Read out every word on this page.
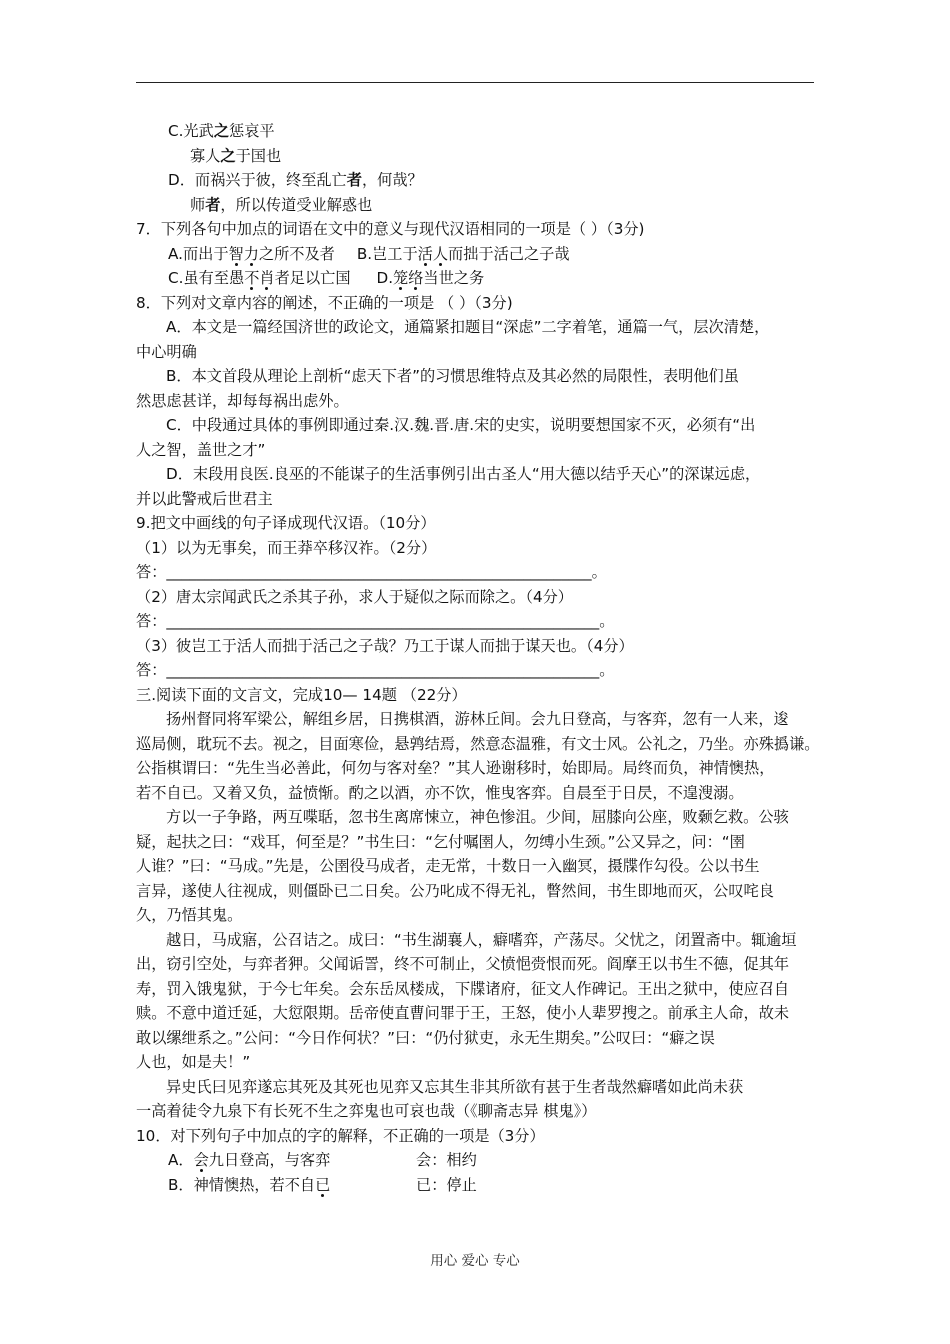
C.光武之惩哀平
寡人之于国也
D．而祸兴于彼，终至乱亡者，何哉？
师者，所以传道受业解惑也
7．下列各句中加点的词语在文中的意义与现代汉语相同的一项是（ ）（3分)
A.而出于智力之所不及者 B.岂工于活人而拙于活己之子哉
C.虽有至愚不肖者足以亡国 D.笼络当世之务
8．下列对文章内容的阐述，不正确的一项是 （ ）（3分)
A．本文是一篇经国济世的政论文，通篇紧扣题目“深虑”二字着笔，通篇一气，层次清楚，
中心明确
B．本文首段从理论上剖析“虑天下者”的习惯思维特点及其必然的局限性，表明他们虽
然思虑甚详，却每每祸出虑外。
C．中段通过具体的事例即通过秦.汉.魏.晋.唐.宋的史实，说明要想国家不灭，必须有“出
人之智，盖世之才”
D．末段用良医.良巫的不能谋子的生活事例引出古圣人“用大德以结乎天心”的深谋远虑，
并以此警戒后世君主
9.把文中画线的句子译成现代汉语。（10分）
（1）以为无事矣，而王莽卒移汉祚。（2分）
答：________________________________________________________。
（2）唐太宗闻武氏之杀其子孙，求人于疑似之际而除之。（4分）
答：_________________________________________________________。
（3）彼岂工于活人而拙于活己之子哉？乃工于谋人而拙于谋天也。（4分）
答：_________________________________________________________。
三.阅读下面的文言文，完成10— 14题 （22分）
扬州督同将军梁公，解组乡居，日携棋酒，游林丘间。会九日登高，与客弈，忽有一人来，逡
巡局侧，耽玩不去。视之，目面寒俭，悬鹑结焉，然意态温雅，有文士风。公礼之，乃坐。亦殊撝谦。
公指棋谓曰：“先生当必善此，何勿与客对垒？”其人逊谢移时，始即局。局终而负，神情懊热，
若不自已。又着又负，益愤惭。酌之以酒，亦不饮，惟曳客弈。自晨至于日昃，不遑溲溺。
方以一子争路，两互喋聒，忽书生离席悚立，神色惨沮。少间，屈膝向公座，败颡乞救。公骇
疑，起扶之曰：“戏耳，何至是？”书生曰：“乞付嘱圉人，勿缚小生颈。”公又异之，问：“圉
人谁？”曰：“马成。”先是，公圉役马成者，走无常，十数日一入幽冥，摄牒作勾役。公以书生
言异，遂使人往视成，则僵卧已二日矣。公乃叱成不得无礼，瞥然间，书生即地而灭，公叹咤良
久，乃悟其鬼。
越日，马成寤，公召诘之。成曰：“书生湖襄人，癖嗜弈，产荡尽。父忧之，闭置斋中。辄逾垣
出，窃引空处，与弈者狎。父闻诟詈，终不可制止，父愤悒赍恨而死。阎摩王以书生不德，促其年
寿，罚入饿鬼狱，于今七年矣。会东岳凤楼成，下牒诸府，征文人作碑记。王出之狱中，使应召自
赎。不意中道迁延，大愆限期。岳帝使直曹问罪于王，王怒，使小人辈罗搜之。前承主人命，故未
敢以缧绁系之。”公问：“今日作何状？”曰：“仍付狱吏，永无生期矣。”公叹曰：“癖之误
人也，如是夫！”
异史氏曰见弈遂忘其死及其死也见弈又忘其生非其所欲有甚于生者哉然癖嗜如此尚未获
一高着徒令九泉下有长死不生之弈鬼也可哀也哉（《聊斋志异 棋鬼》）
10．对下列句子中加点的字的解释，不正确的一项是（3分）
A．会九日登高，与客弈	会：相约
B．神情懊热，若不自已	已：停止
用心 爱心 专心
